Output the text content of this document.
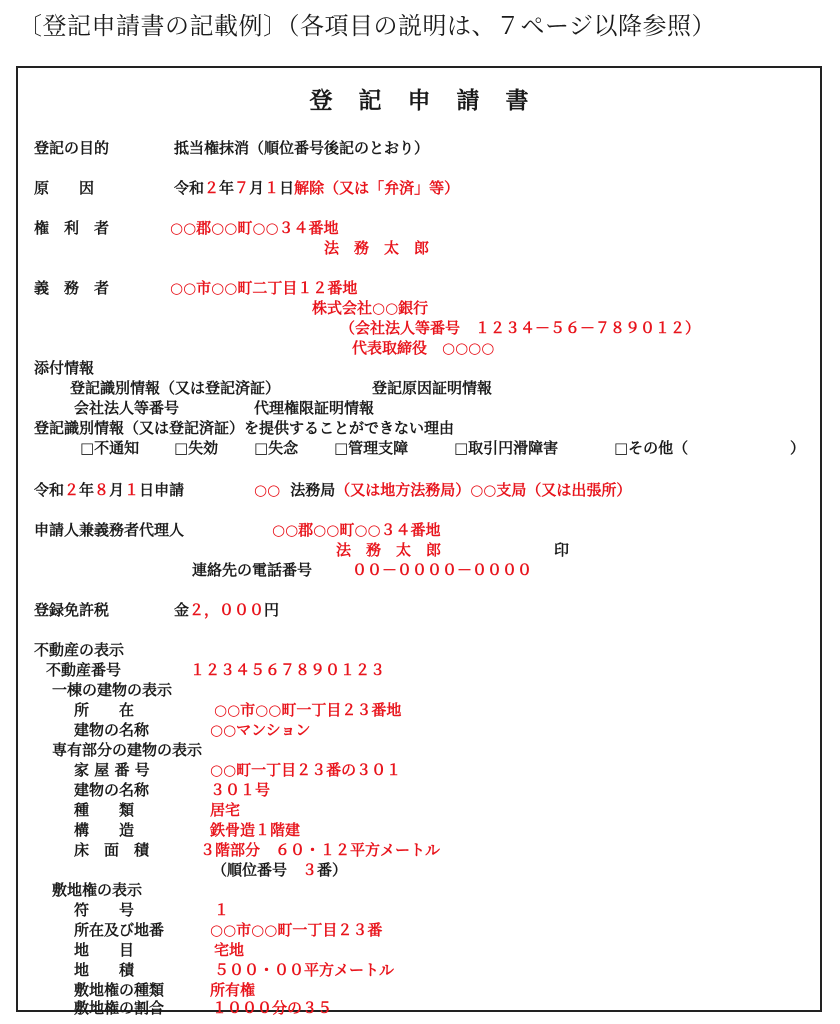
〔登記申請書の記載例〕（各項目の説明は、７ページ以降参照）
登記申請書
登記の目的	抵当権抹消（順位番号後記のとおり）
原　　因	令和２年７月１日解除（又は「弁済」等）
権　利　者	○○郡○○町○○３４番地
法　務　太　郎
義　務　者	○○市○○町二丁目１２番地
株式会社○○銀行
（会社法人等番号　１２３４－５６－７８９０１２）
代表取締役　○○○○
添付情報
登記識別情報（又は登記済証）	登記原因証明情報
会社法人等番号	代理権限証明情報
登記識別情報（又は登記済証）を提供することができない理由
□不通知 □失効 □失念 □管理支障	□取引円滑障害	□その他（	）
令和２年８月１日申請	○○ 法務局（又は地方法務局）○○支局（又は出張所）
申請人兼義務者代理人	○○郡○○町○○３４番地
法　務　太　郎	印
連絡先の電話番号	００－００００－００００
登録免許税	金２，０００円
不動産の表示
不動産番号	１２３４５６７８９０１２３
一棟の建物の表示
所　　在	○○市○○町一丁目２３番地
建物の名称	○○マンション
専有部分の建物の表示
家 屋 番 号	○○町一丁目２３番の３０１
建物の名称	３０１号
種　　類	居宅
構　　造	鉄骨造１階建
床　面　積	３階部分　６０・１２平方メートル
（順位番号　３番）
敷地権の表示
符　　号	１
所在及び地番	○○市○○町一丁目２３番
地　　目	宅地
地　　積	５００・００平方メートル
敷地権の種類	所有権
敷地権の割合	１０００分の３５
